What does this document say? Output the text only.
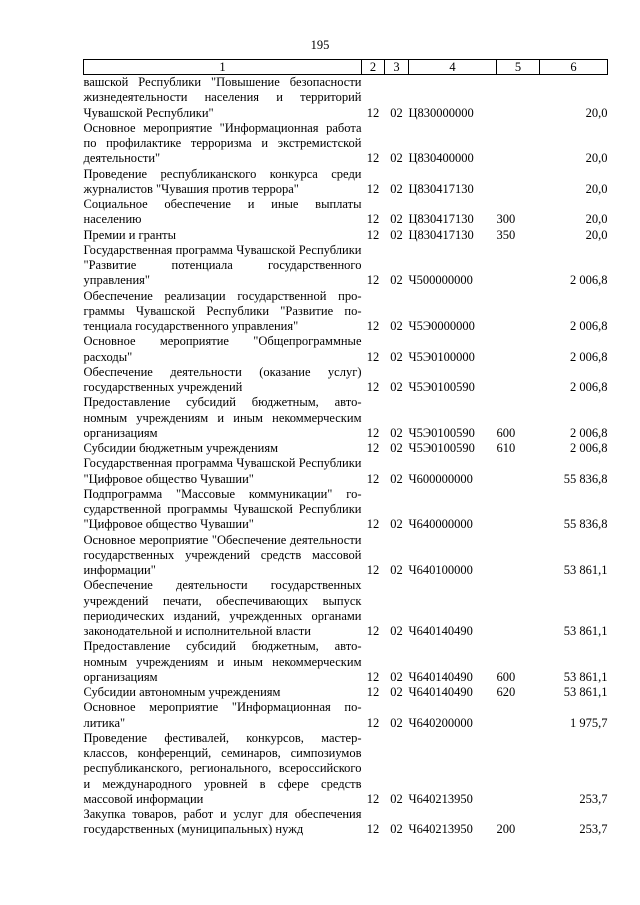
195
1	2	3	4	5	6
вашской Республики "Повышение безопасности жизнедеятельности населения и территорий Чувашской Республики"	12	02	Ц830000000		20,0
Основное мероприятие "Информационная работа по профилактике терроризма и экстремистской деятельности"	12	02	Ц830400000		20,0
Проведение республиканского конкурса среди журналистов "Чувашия против террора"	12	02	Ц830417130		20,0
Социальное обеспечение и иные выплаты населению	12	02	Ц830417130	300	20,0
Премии и гранты	12	02	Ц830417130	350	20,0
Государственная программа Чувашской Республики "Развитие потенциала государственного управления"	12	02	Ч500000000		2 006,8
Обеспечение реализации государственной программы Чувашской Республики "Развитие потенциала государственного управления"	12	02	Ч5Э0000000		2 006,8
Основное мероприятие "Общепрограммные расходы"	12	02	Ч5Э0100000		2 006,8
Обеспечение деятельности (оказание услуг) государственных учреждений	12	02	Ч5Э0100590		2 006,8
Предоставление субсидий бюджетным, автономным учреждениям и иным некоммерческим организациям	12	02	Ч5Э0100590	600	2 006,8
Субсидии бюджетным учреждениям	12	02	Ч5Э0100590	610	2 006,8
Государственная программа Чувашской Республики "Цифровое общество Чувашии"	12	02	Ч600000000		55 836,8
Подпрограмма "Массовые коммуникации" государственной программы Чувашской Республики "Цифровое общество Чувашии"	12	02	Ч640000000		55 836,8
Основное мероприятие "Обеспечение деятельности государственных учреждений средств массовой информации"	12	02	Ч640100000		53 861,1
Обеспечение деятельности государственных учреждений печати, обеспечивающих выпуск периодических изданий, учрежденных органами законодательной и исполнительной власти	12	02	Ч640140490		53 861,1
Предоставление субсидий бюджетным, автономным учреждениям и иным некоммерческим организациям	12	02	Ч640140490	600	53 861,1
Субсидии автономным учреждениям	12	02	Ч640140490	620	53 861,1
Основное мероприятие "Информационная политика"	12	02	Ч640200000		1 975,7
Проведение фестивалей, конкурсов, мастер-классов, конференций, семинаров, симпозиумов республиканского, регионального, всероссийского и международного уровней в сфере средств массовой информации	12	02	Ч640213950		253,7
Закупка товаров, работ и услуг для обеспечения государственных (муниципальных) нужд	12	02	Ч640213950	200	253,7
